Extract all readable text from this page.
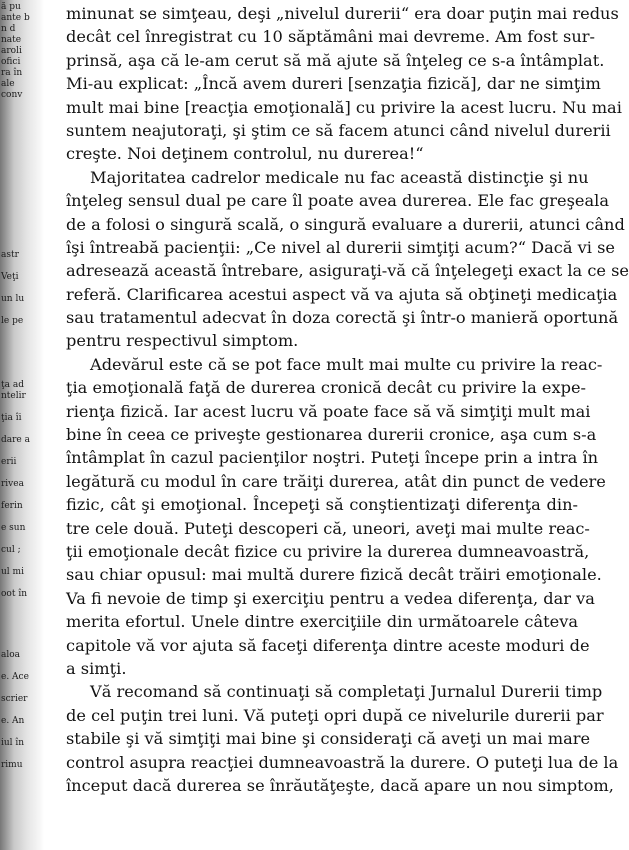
ă pu
ante b
n d
nate
aroli
ofici
ra în
ale
conv
astr
Veţi
un lu
le pe
ţa ad
ntelir
ţia îi
dare a
erii
rivea
ferin
e sun
cul ;
ul mi
oot în
aloa
e. Ace
scrier
e. An
iul în
rimu
minunat se simţeau, deşi „nivelul durerii“ era doar puţin mai redus
decât cel înregistrat cu 10 săptămâni mai devreme. Am fost sur-
prinsă, aşa că le-am cerut să mă ajute să înţeleg ce s-a întâmplat.
Mi-au explicat: „Încă avem dureri [senzaţia fizică], dar ne simţim
mult mai bine [reacţia emoţională] cu privire la acest lucru. Nu mai
suntem neajutoraţi, şi ştim ce să facem atunci când nivelul durerii
creşte. Noi deţinem controlul, nu durerea!“
Majoritatea cadrelor medicale nu fac această distincţie şi nu
înţeleg sensul dual pe care îl poate avea durerea. Ele fac greşeala
de a folosi o singură scală, o singură evaluare a durerii, atunci când
îşi întreabă pacienţii: „Ce nivel al durerii simţiţi acum?“ Dacă vi se
adresează această întrebare, asiguraţi-vă că înţelegeţi exact la ce se
referă. Clarificarea acestui aspect vă va ajuta să obţineţi medicaţia
sau tratamentul adecvat în doza corectă şi într-o manieră oportună
pentru respectivul simptom.
Adevărul este că se pot face mult mai multe cu privire la reac-
ţia emoţională faţă de durerea cronică decât cu privire la expe-
rienţa fizică. Iar acest lucru vă poate face să vă simţiţi mult mai
bine în ceea ce priveşte gestionarea durerii cronice, aşa cum s-a
întâmplat în cazul pacienţilor noştri. Puteţi începe prin a intra în
legătură cu modul în care trăiţi durerea, atât din punct de vedere
fizic, cât şi emoţional. Începeţi să conştientizaţi diferenţa din-
tre cele două. Puteţi descoperi că, uneori, aveţi mai multe reac-
ţii emoţionale decât fizice cu privire la durerea dumneavoastră,
sau chiar opusul: mai multă durere fizică decât trăiri emoţionale.
Va fi nevoie de timp şi exerciţiu pentru a vedea diferenţa, dar va
merita efortul. Unele dintre exerciţiile din următoarele câteva
capitole vă vor ajuta să faceţi diferenţa dintre aceste moduri de
a simţi.
Vă recomand să continuaţi să completaţi Jurnalul Durerii timp
de cel puţin trei luni. Vă puteţi opri după ce nivelurile durerii par
stabile şi vă simţiţi mai bine şi consideraţi că aveţi un mai mare
control asupra reacţiei dumneavoastră la durere. O puteţi lua de la
început dacă durerea se înrăutăţeşte, dacă apare un nou simptom,
